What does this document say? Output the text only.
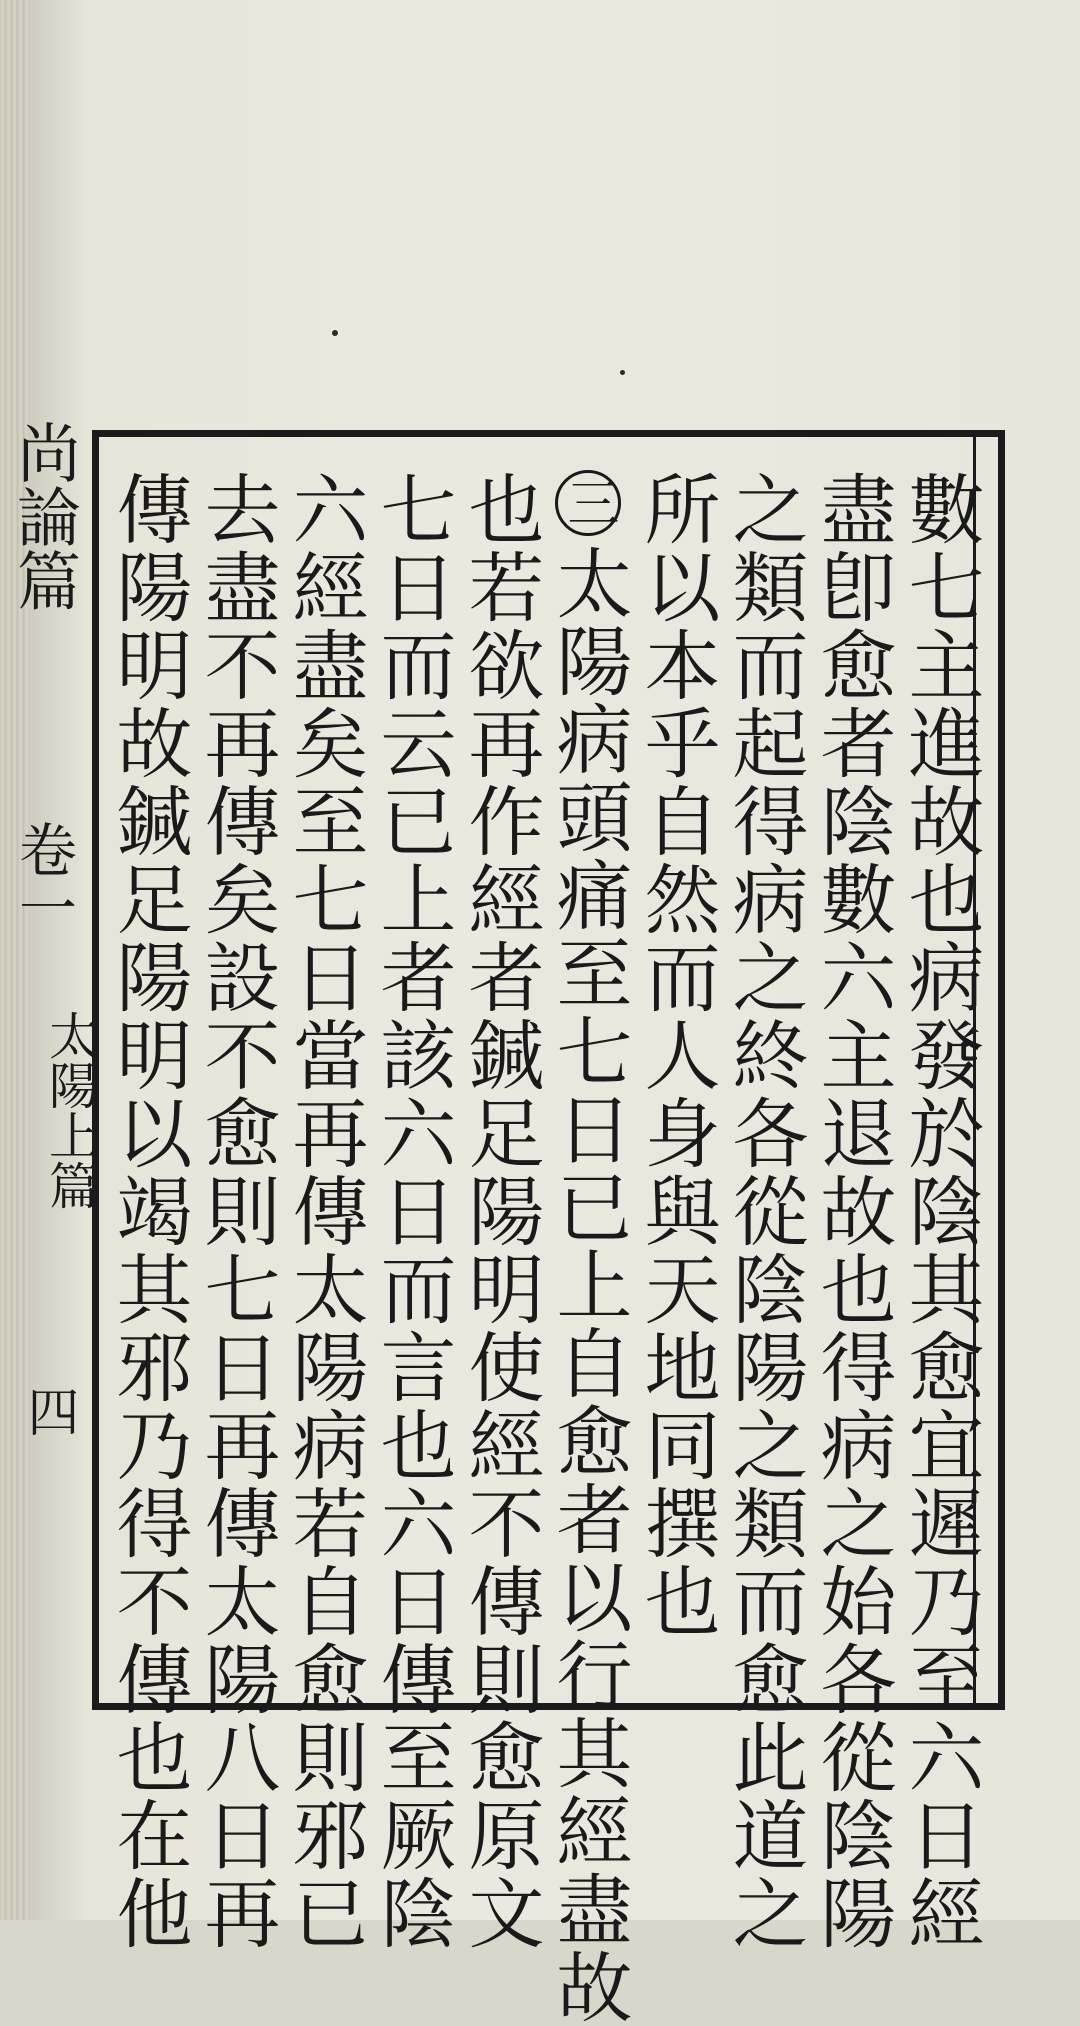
尚論篇
卷一
太陽上篇
四	數七主進故也病發於陰其愈宜遲乃至六日經
盡卽愈者陰數六主退故也得病之始各從陰陽
之類而起得病之終各從陰陽之類而愈此道之
所以本乎自然而人身與天地同撰也
三太陽病頭痛至七日已上自愈者以行其經盡故
也若欲再作經者鍼足陽明使經不傳則愈原文
七日而云已上者該六日而言也六日傳至厥陰
六經盡矣至七日當再傳太陽病若自愈則邪已
去盡不再傳矣設不愈則七日再傳太陽八日再
傳陽明故鍼足陽明以竭其邪乃得不傳也在他
